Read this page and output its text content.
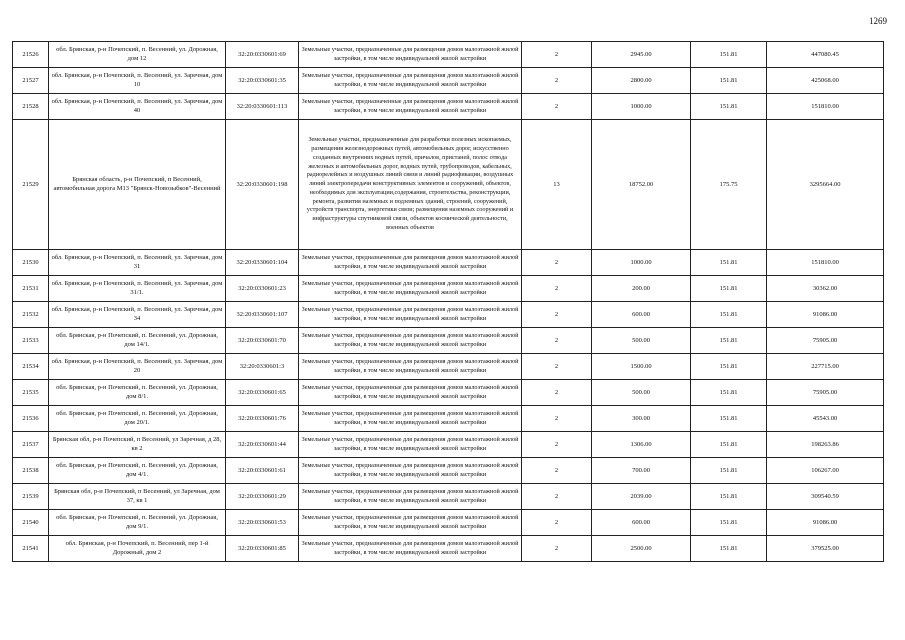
1269
21526	обл. Брянская, р-н Почепский, п. Весенний, ул. Дорожная, дом 12	32:20:0330601:69	Земельные участки, предназначенные для размещения домов малоэтажной жилой застройки, в том числе индивидуальной жилой застройки	2	2945.00	151.81	447080.45
21527	обл. Брянская, р-н Почепский, п. Весенний, ул. Заречная, дом 10	32:20:0330601:35	Земельные участки, предназначенные для размещения домов малоэтажной жилой застройки, в том числе индивидуальной жилой застройки	2	2800.00	151.81	425068.00
21528	обл. Брянская, р-н Почепский, п. Весенний, ул. Заречная, дом 40	32:20:0330601:113	Земельные участки, предназначенные для размещения домов малоэтажной жилой застройки, в том числе индивидуальной жилой застройки	2	1000.00	151.81	151810.00
21529	Брянская область, р-н Почепский, п Весенний, автомобильная дорога М13 "Брянск-Новозыбков"-Весенний	32:20:0330601:198	Земельные участки, предназначенные для разработки полезных ископаемых, размещения железнодорожных путей, автомобильных дорог, искусственно созданных внутренних водных путей, причалов, пристаней, полос отвода железных и автомобильных дорог, водных путей, трубопроводов, кабельных, радиорелейных и воздушных линий связи и линий радиофикации, воздушных линий электропередачи конструктивных элементов и сооружений, объектов, необходимых для эксплуатации,содержания, строительства, реконструкции, ремонта, развития наземных и подземных зданий, строений, сооружений, устройств транспорта, энергетики связи; размещения наземных сооружений и инфраструктуры спутниковой связи, объектов космической деятельности, военных объектов	13	18752.00	175.75	3295664.00
21530	обл. Брянская, р-н Почепский, п. Весенний, ул. Заречная, дом 31	32:20:0330601:104	Земельные участки, предназначенные для размещения домов малоэтажной жилой застройки, в том числе индивидуальной жилой застройки	2	1000.00	151.81	151810.00
21531	обл. Брянская, р-н Почепский, п. Весенний, ул. Заречная, дом 31/1.	32:20:0330601:23	Земельные участки, предназначенные для размещения домов малоэтажной жилой застройки, в том числе индивидуальной жилой застройки	2	200.00	151.81	30362.00
21532	обл. Брянская, р-н Почепский, п. Весенний, ул. Заречная, дом 34	32:20:0330601:107	Земельные участки, предназначенные для размещения домов малоэтажной жилой застройки, в том числе индивидуальной жилой застройки	2	600.00	151.81	91086.00
21533	обл. Брянская, р-н Почепский, п. Весенний, ул. Дорожная, дом 14/1.	32:20:0330601:70	Земельные участки, предназначенные для размещения домов малоэтажной жилой застройки, в том числе индивидуальной жилой застройки	2	500.00	151.81	75905.00
21534	обл. Брянская, р-н Почепский, п. Весенний, ул. Заречная, дом 20	32:20:0330601:3	Земельные участки, предназначенные для размещения домов малоэтажной жилой застройки, в том числе индивидуальной жилой застройки	2	1500.00	151.81	227715.00
21535	обл. Брянская, р-н Почепский, п. Весенний, ул. Дорожная, дом 8/1.	32:20:0330601:65	Земельные участки, предназначенные для размещения домов малоэтажной жилой застройки, в том числе индивидуальной жилой застройки	2	500.00	151.81	75905.00
21536	обл. Брянская, р-н Почепский, п. Весенний, ул. Дорожная, дом 20/1.	32:20:0330601:76	Земельные участки, предназначенные для размещения домов малоэтажной жилой застройки, в том числе индивидуальной жилой застройки	2	300.00	151.81	45543.00
21537	Брянская обл, р-н Почепский, п Весенний, ул Заречная, д 28, кв 2	32:20:0330601:44	Земельные участки, предназначенные для размещения домов малоэтажной жилой застройки, в том числе индивидуальной жилой застройки	2	1306.00	151.81	198263.86
21538	обл. Брянская, р-н Почепский, п. Весенний, ул. Дорожная, дом 4/1.	32:20:0330601:61	Земельные участки, предназначенные для размещения домов малоэтажной жилой застройки, в том числе индивидуальной жилой застройки	2	700.00	151.81	106267.00
21539	Брянская обл, р-н Почепский, п Весенний, ул Заречная, дом 37, кв 1	32:20:0330601:29	Земельные участки, предназначенные для размещения домов малоэтажной жилой застройки, в том числе индивидуальной жилой застройки	2	2039.00	151.81	309540.59
21540	обл. Брянская, р-н Почепский, п. Весенний, ул. Дорожная, дом 9/1.	32:20:0330601:53	Земельные участки, предназначенные для размещения домов малоэтажной жилой застройки, в том числе индивидуальной жилой застройки	2	600.00	151.81	91086.00
21541	обл. Брянская, р-н Почепский, п. Весенний, пер 1-й Дорожный, дом 2	32:20:0330601:85	Земельные участки, предназначенные для размещения домов малоэтажной жилой застройки, в том числе индивидуальной жилой застройки	2	2500.00	151.81	379525.00
